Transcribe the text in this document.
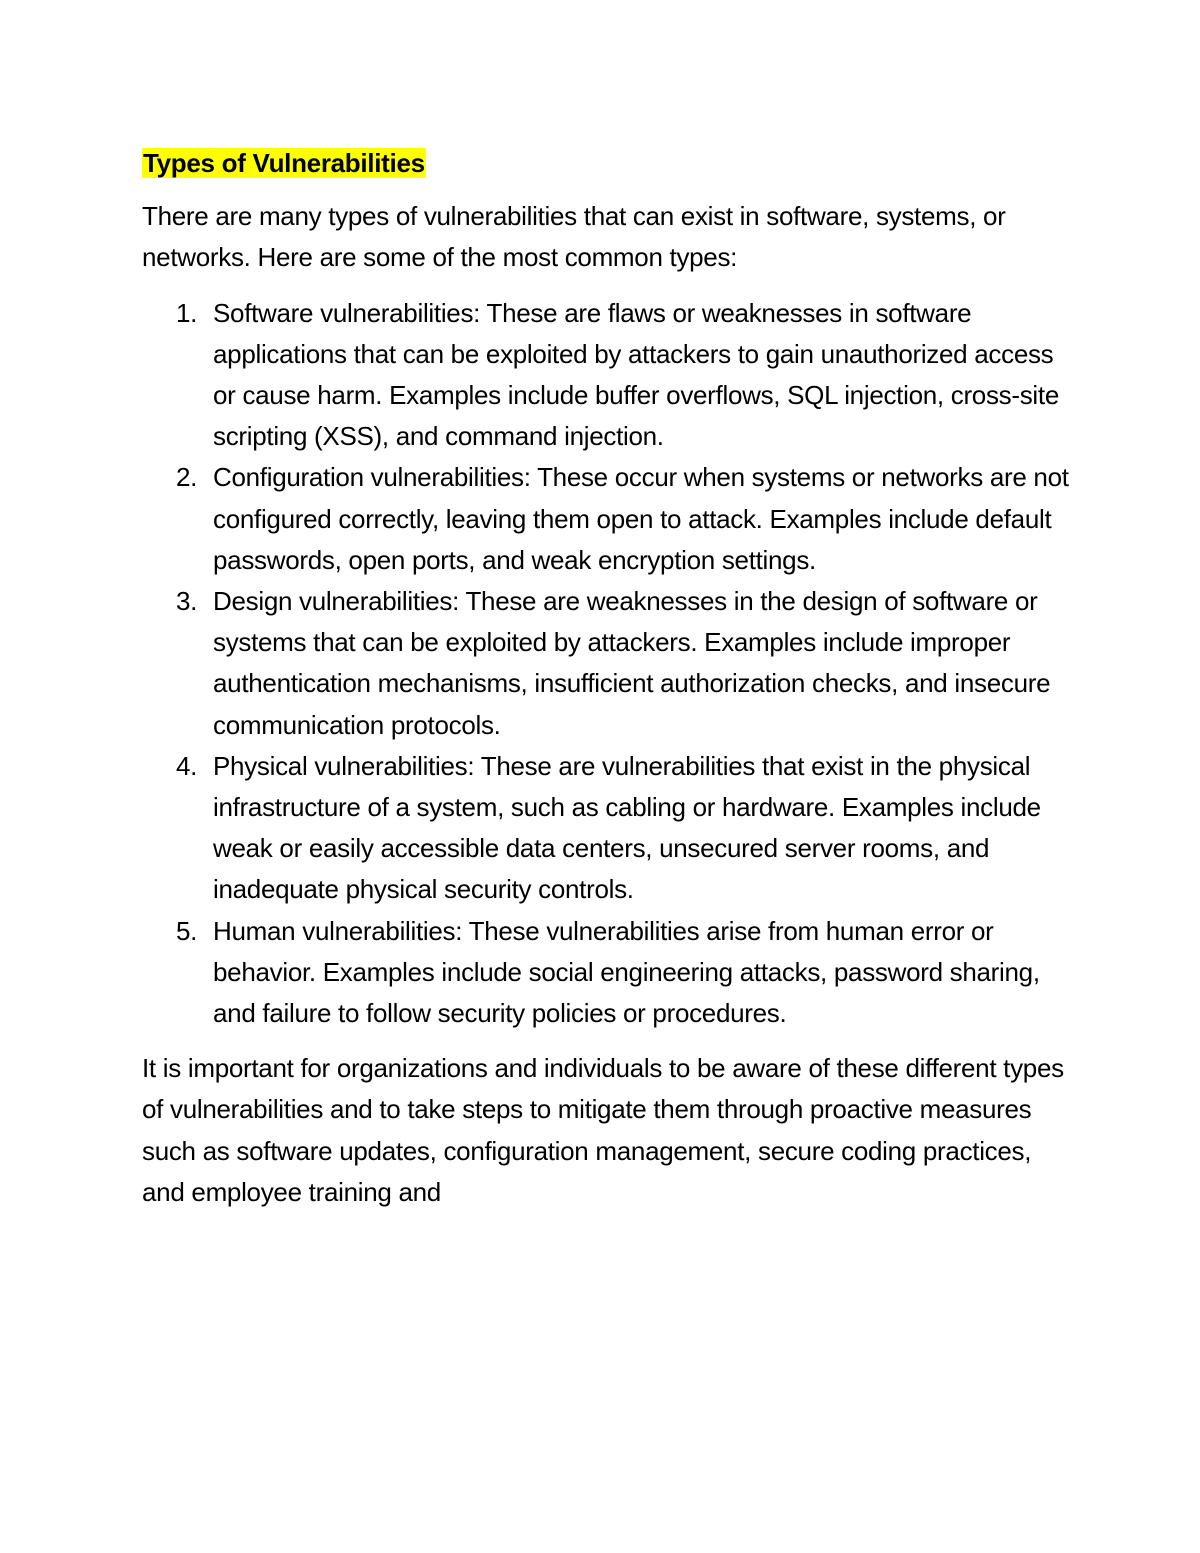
Types of Vulnerabilities

There are many types of vulnerabilities that can exist in software, systems, or networks. Here are some of the most common types:

1. Software vulnerabilities: These are flaws or weaknesses in software applications that can be exploited by attackers to gain unauthorized access or cause harm. Examples include buffer overflows, SQL injection, cross-site scripting (XSS), and command injection.
2. Configuration vulnerabilities: These occur when systems or networks are not configured correctly, leaving them open to attack. Examples include default passwords, open ports, and weak encryption settings.
3. Design vulnerabilities: These are weaknesses in the design of software or systems that can be exploited by attackers. Examples include improper authentication mechanisms, insufficient authorization checks, and insecure communication protocols.
4. Physical vulnerabilities: These are vulnerabilities that exist in the physical infrastructure of a system, such as cabling or hardware. Examples include weak or easily accessible data centers, unsecured server rooms, and inadequate physical security controls.
5. Human vulnerabilities: These vulnerabilities arise from human error or behavior. Examples include social engineering attacks, password sharing, and failure to follow security policies or procedures.

It is important for organizations and individuals to be aware of these different types of vulnerabilities and to take steps to mitigate them through proactive measures such as software updates, configuration management, secure coding practices, and employee training and
